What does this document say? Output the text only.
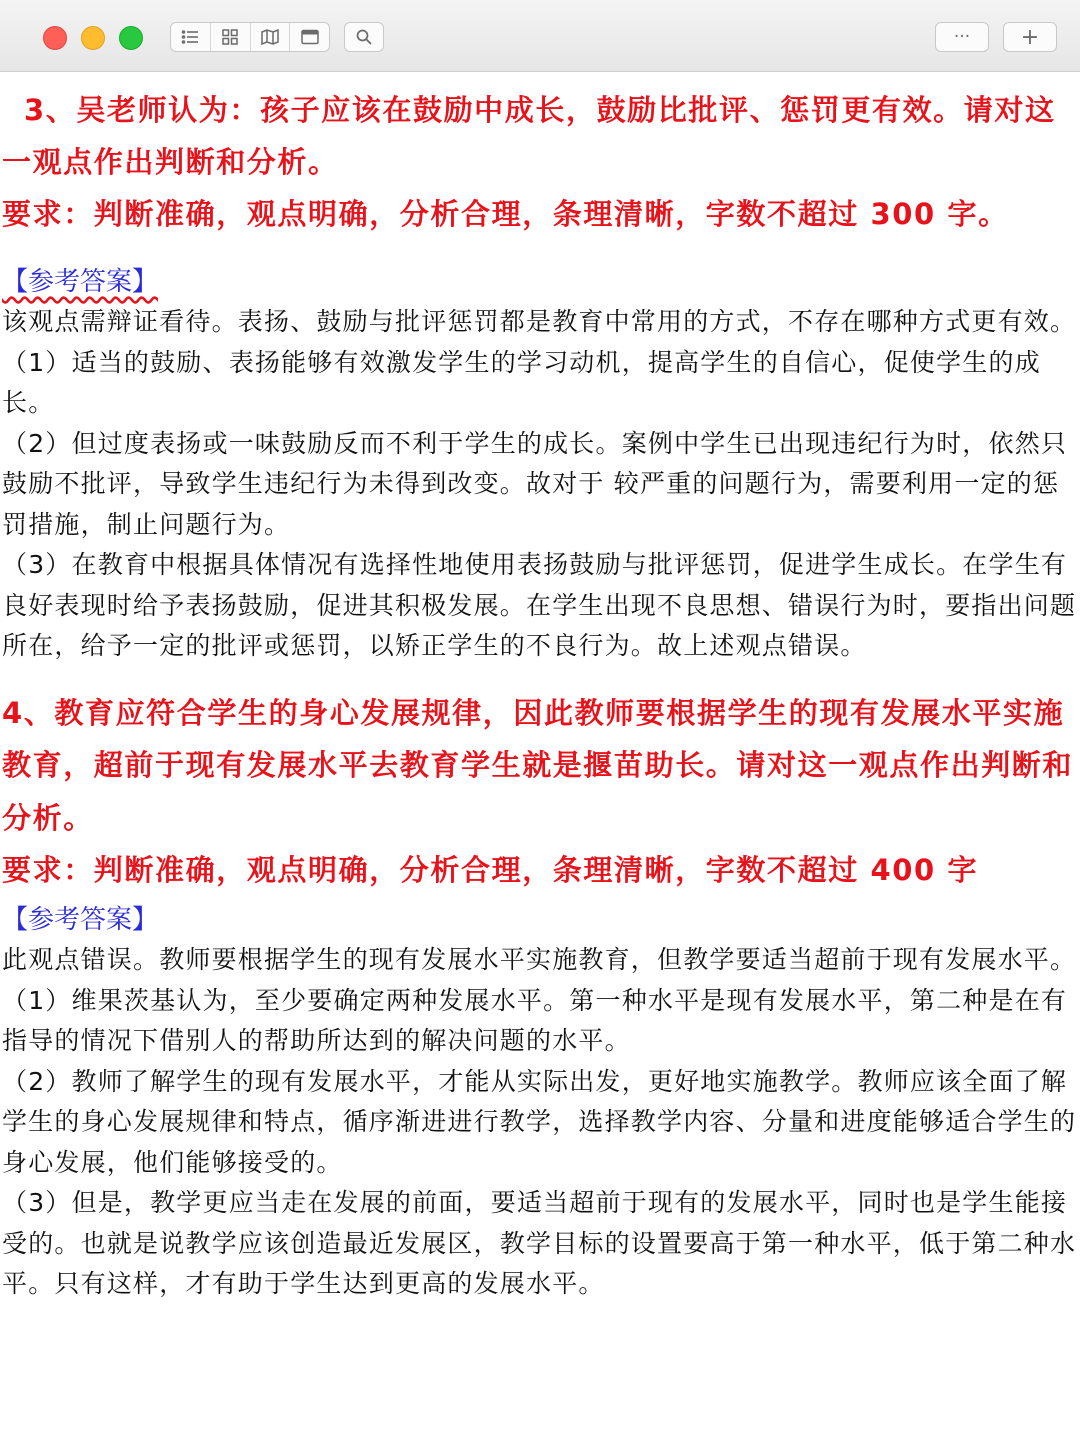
··· +

3、吴老师认为：孩子应该在鼓励中成长，鼓励比批评、惩罚更有效。请对这一观点作出判断和分析。

要求：判断准确，观点明确，分析合理，条理清晰，字数不超过 300 字。

【参考答案】

该观点需辩证看待。表扬、鼓励与批评惩罚都是教育中常用的方式，不存在哪种方式更有效。

（1）适当的鼓励、表扬能够有效激发学生的学习动机，提高学生的自信心，促使学生的成长。

（2）但过度表扬或一味鼓励反而不利于学生的成长。案例中学生已出现违纪行为时，依然只鼓励不批评，导致学生违纪行为未得到改变。故对于 较严重的问题行为，需要利用一定的惩罚措施，制止问题行为。

（3）在教育中根据具体情况有选择性地使用表扬鼓励与批评惩罚，促进学生成长。在学生有良好表现时给予表扬鼓励，促进其积极发展。在学生出现不良思想、错误行为时，要指出问题所在，给予一定的批评或惩罚，以矫正学生的不良行为。故上述观点错误。

4、教育应符合学生的身心发展规律，因此教师要根据学生的现有发展水平实施教育，超前于现有发展水平去教育学生就是揠苗助长。请对这一观点作出判断和分析。

要求：判断准确，观点明确，分析合理，条理清晰，字数不超过 400 字

【参考答案】

此观点错误。教师要根据学生的现有发展水平实施教育，但教学要适当超前于现有发展水平。

（1）维果茨基认为，至少要确定两种发展水平。第一种水平是现有发展水平，第二种是在有指导的情况下借别人的帮助所达到的解决问题的水平。

（2）教师了解学生的现有发展水平，才能从实际出发，更好地实施教学。教师应该全面了解学生的身心发展规律和特点，循序渐进进行教学，选择教学内容、分量和进度能够适合学生的身心发展，他们能够接受的。

（3）但是，教学更应当走在发展的前面，要适当超前于现有的发展水平，同时也是学生能接受的。也就是说教学应该创造最近发展区，教学目标的设置要高于第一种水平，低于第二种水平。只有这样，才有助于学生达到更高的发展水平。
